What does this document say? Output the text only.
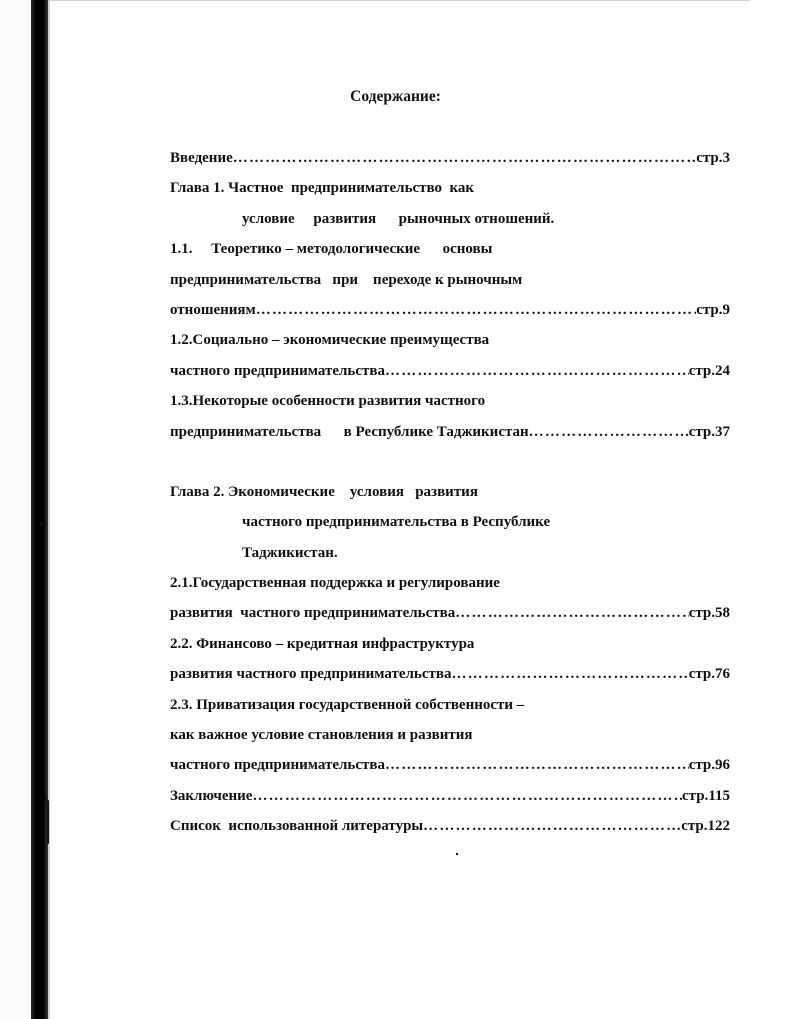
Содержание:
Введение ……………………………………………………………………………………………………………………	стр.3
Глава 1. Частное  предпринимательство  как
условие     развития      рыночных отношений.
1.1.     Теоретико – методологические      основы
предпринимательства   при    переходе к рыночным
отношениям ……………………………………………………………………………………………………………………	стр.9
1.2.Социально – экономические преимущества
частного предпринимательства ……………………………………………………………………………………………………………………	стр.24
1.3.Некоторые особенности развития частного
предпринимательства      в Республике Таджикистан ……………………………………………………………………………………………………………………	стр.37
Глава 2. Экономические    условия   развития
частного предпринимательства в Республике
Таджикистан.
2.1.Государственная поддержка и регулирование
развития  частного предпринимательства ……………………………………………………………………………………………………………………	стр.58
2.2. Финансово – кредитная инфраструктура
развития частного предпринимательства ……………………………………………………………………………………………………………………	стр.76
2.3. Приватизация государственной собственности –
как важное условие становления и развития
частного предпринимательства ……………………………………………………………………………………………………………………	стр.96
Заключение ……………………………………………………………………………………………………………………	стр.115
Список  использованной литературы ……………………………………………………………………………………………………………………	стр.122
